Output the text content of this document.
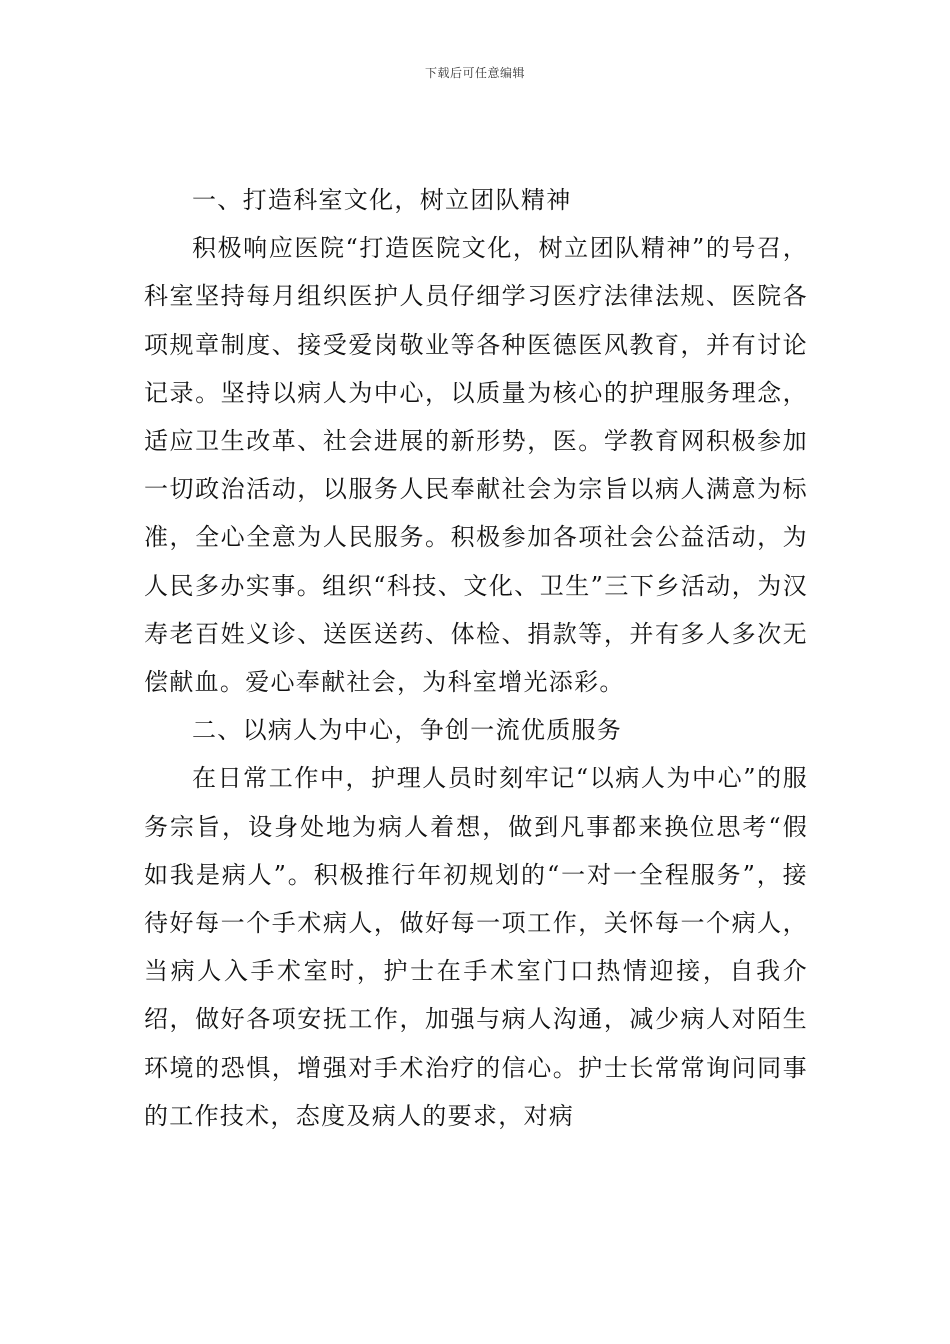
下载后可任意编辑

一、打造科室文化，树立团队精神

积极响应医院“打造医院文化，树立团队精神”的号召，科室坚持每月组织医护人员仔细学习医疗法律法规、医院各项规章制度、接受爱岗敬业等各种医德医风教育，并有讨论记录。坚持以病人为中心，以质量为核心的护理服务理念，适应卫生改革、社会进展的新形势，医。学教育网积极参加一切政治活动，以服务人民奉献社会为宗旨以病人满意为标准，全心全意为人民服务。积极参加各项社会公益活动，为人民多办实事。组织“科技、文化、卫生”三下乡活动，为汉寿老百姓义诊、送医送药、体检、捐款等，并有多人多次无偿献血。爱心奉献社会，为科室增光添彩。

二、以病人为中心，争创一流优质服务

在日常工作中，护理人员时刻牢记“以病人为中心”的服务宗旨，设身处地为病人着想，做到凡事都来换位思考“假如我是病人”。积极推行年初规划的“一对一全程服务”，接待好每一个手术病人，做好每一项工作，关怀每一个病人，当病人入手术室时，护士在手术室门口热情迎接，自我介绍，做好各项安抚工作，加强与病人沟通，减少病人对陌生环境的恐惧，增强对手术治疗的信心。护士长常常询问同事的工作技术，态度及病人的要求，对病
